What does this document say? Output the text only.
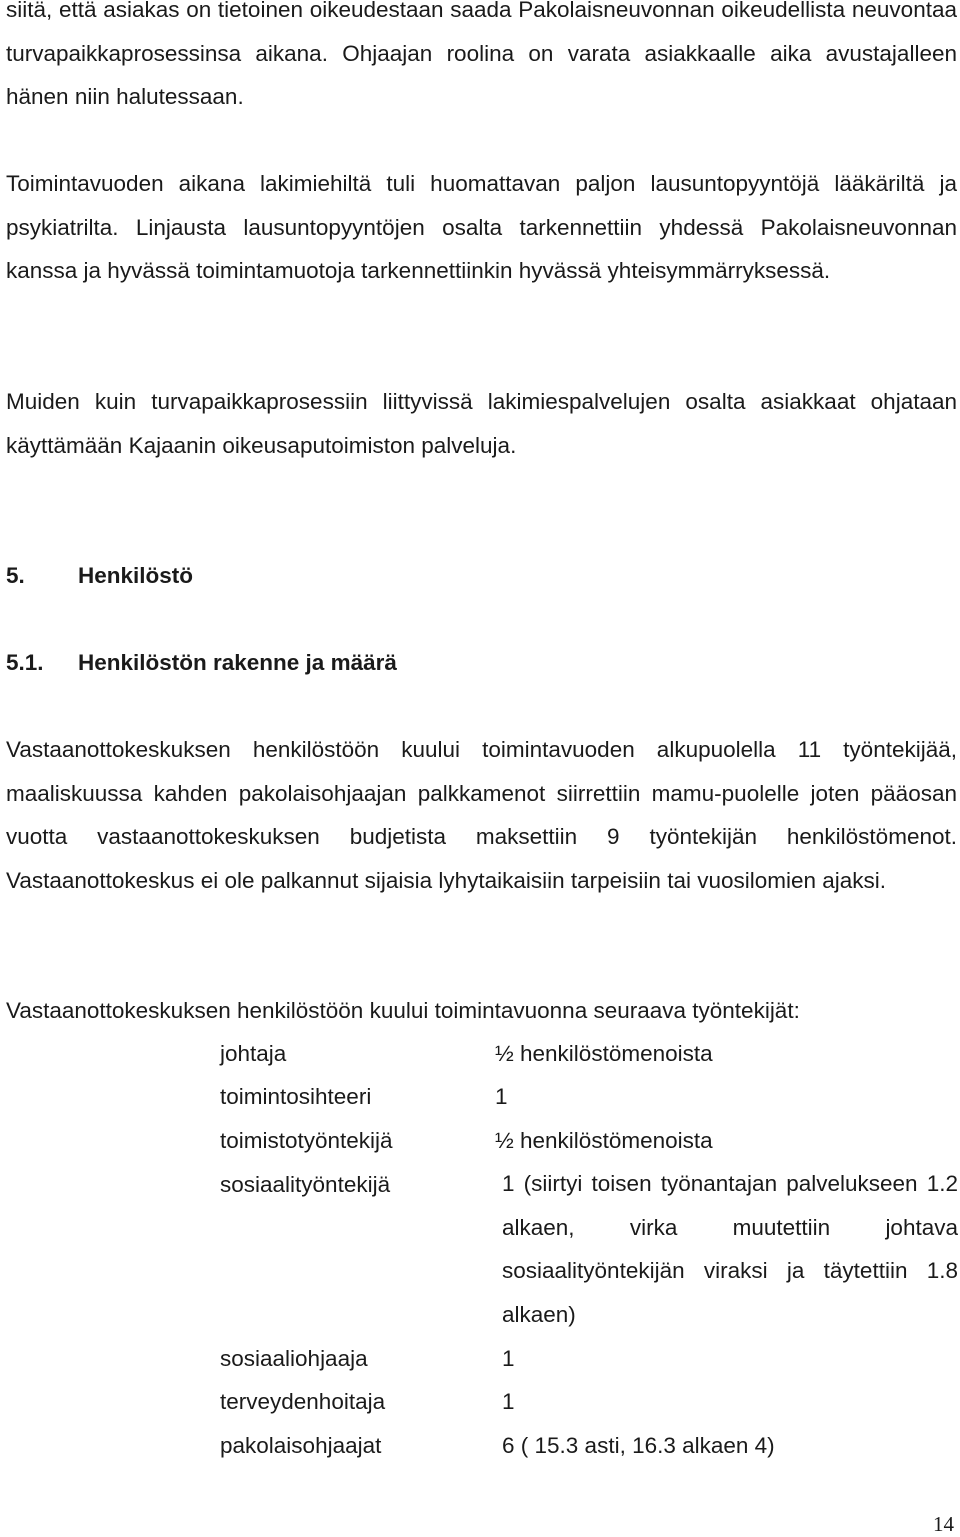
siitä, että asiakas on tietoinen oikeudestaan saada Pakolaisneuvonnan oikeudellista neuvontaa turvapaikkaprosessinsa aikana. Ohjaajan roolina on varata asiakkaalle aika avustajalleen hänen niin halutessaan.

Toimintavuoden aikana lakimiehiltä tuli huomattavan paljon lausuntopyyntöjä lääkäriltä ja psykiatrilta. Linjausta lausuntopyyntöjen osalta tarkennettiin yhdessä Pakolaisneuvonnan kanssa ja hyvässä toimintamuotoja tarkennettiinkin hyvässä yhteisymmärryksessä.

Muiden kuin turvapaikkaprosessiin liittyvissä lakimiespalvelujen osalta asiakkaat ohjataan käyttämään Kajaanin oikeusaputoimiston palveluja.

5. Henkilöstö
5.1. Henkilöstön rakenne ja määrä

Vastaanottokeskuksen henkilöstöön kuului toimintavuoden alkupuolella 11 työntekijää, maaliskuussa kahden pakolaisohjaajan palkkamenot siirrettiin mamu-puolelle joten pääosan vuotta vastaanottokeskuksen budjetista maksettiin 9 työntekijän henkilöstömenot. Vastaanottokeskus ei ole palkannut sijaisia lyhytaikaisiin tarpeisiin tai vuosilomien ajaksi.

Vastaanottokeskuksen henkilöstöön kuului toimintavuonna seuraava työntekijät:

johtaja	½ henkilöstömenoista
toimintosihteeri	1
toimistotyöntekijä	½ henkilöstömenoista
sosiaalityöntekijä	1 (siirtyi toisen työnantajan palvelukseen 1.2 alkaen, virka muutettiin johtava sosiaalityöntekijän viraksi ja täytettiin 1.8 alkaen)

sosiaaliohjaaja	1
terveydenhoitaja	1
pakolaisohjaajat	6 ( 15.3 asti, 16.3 alkaen 4)
14
